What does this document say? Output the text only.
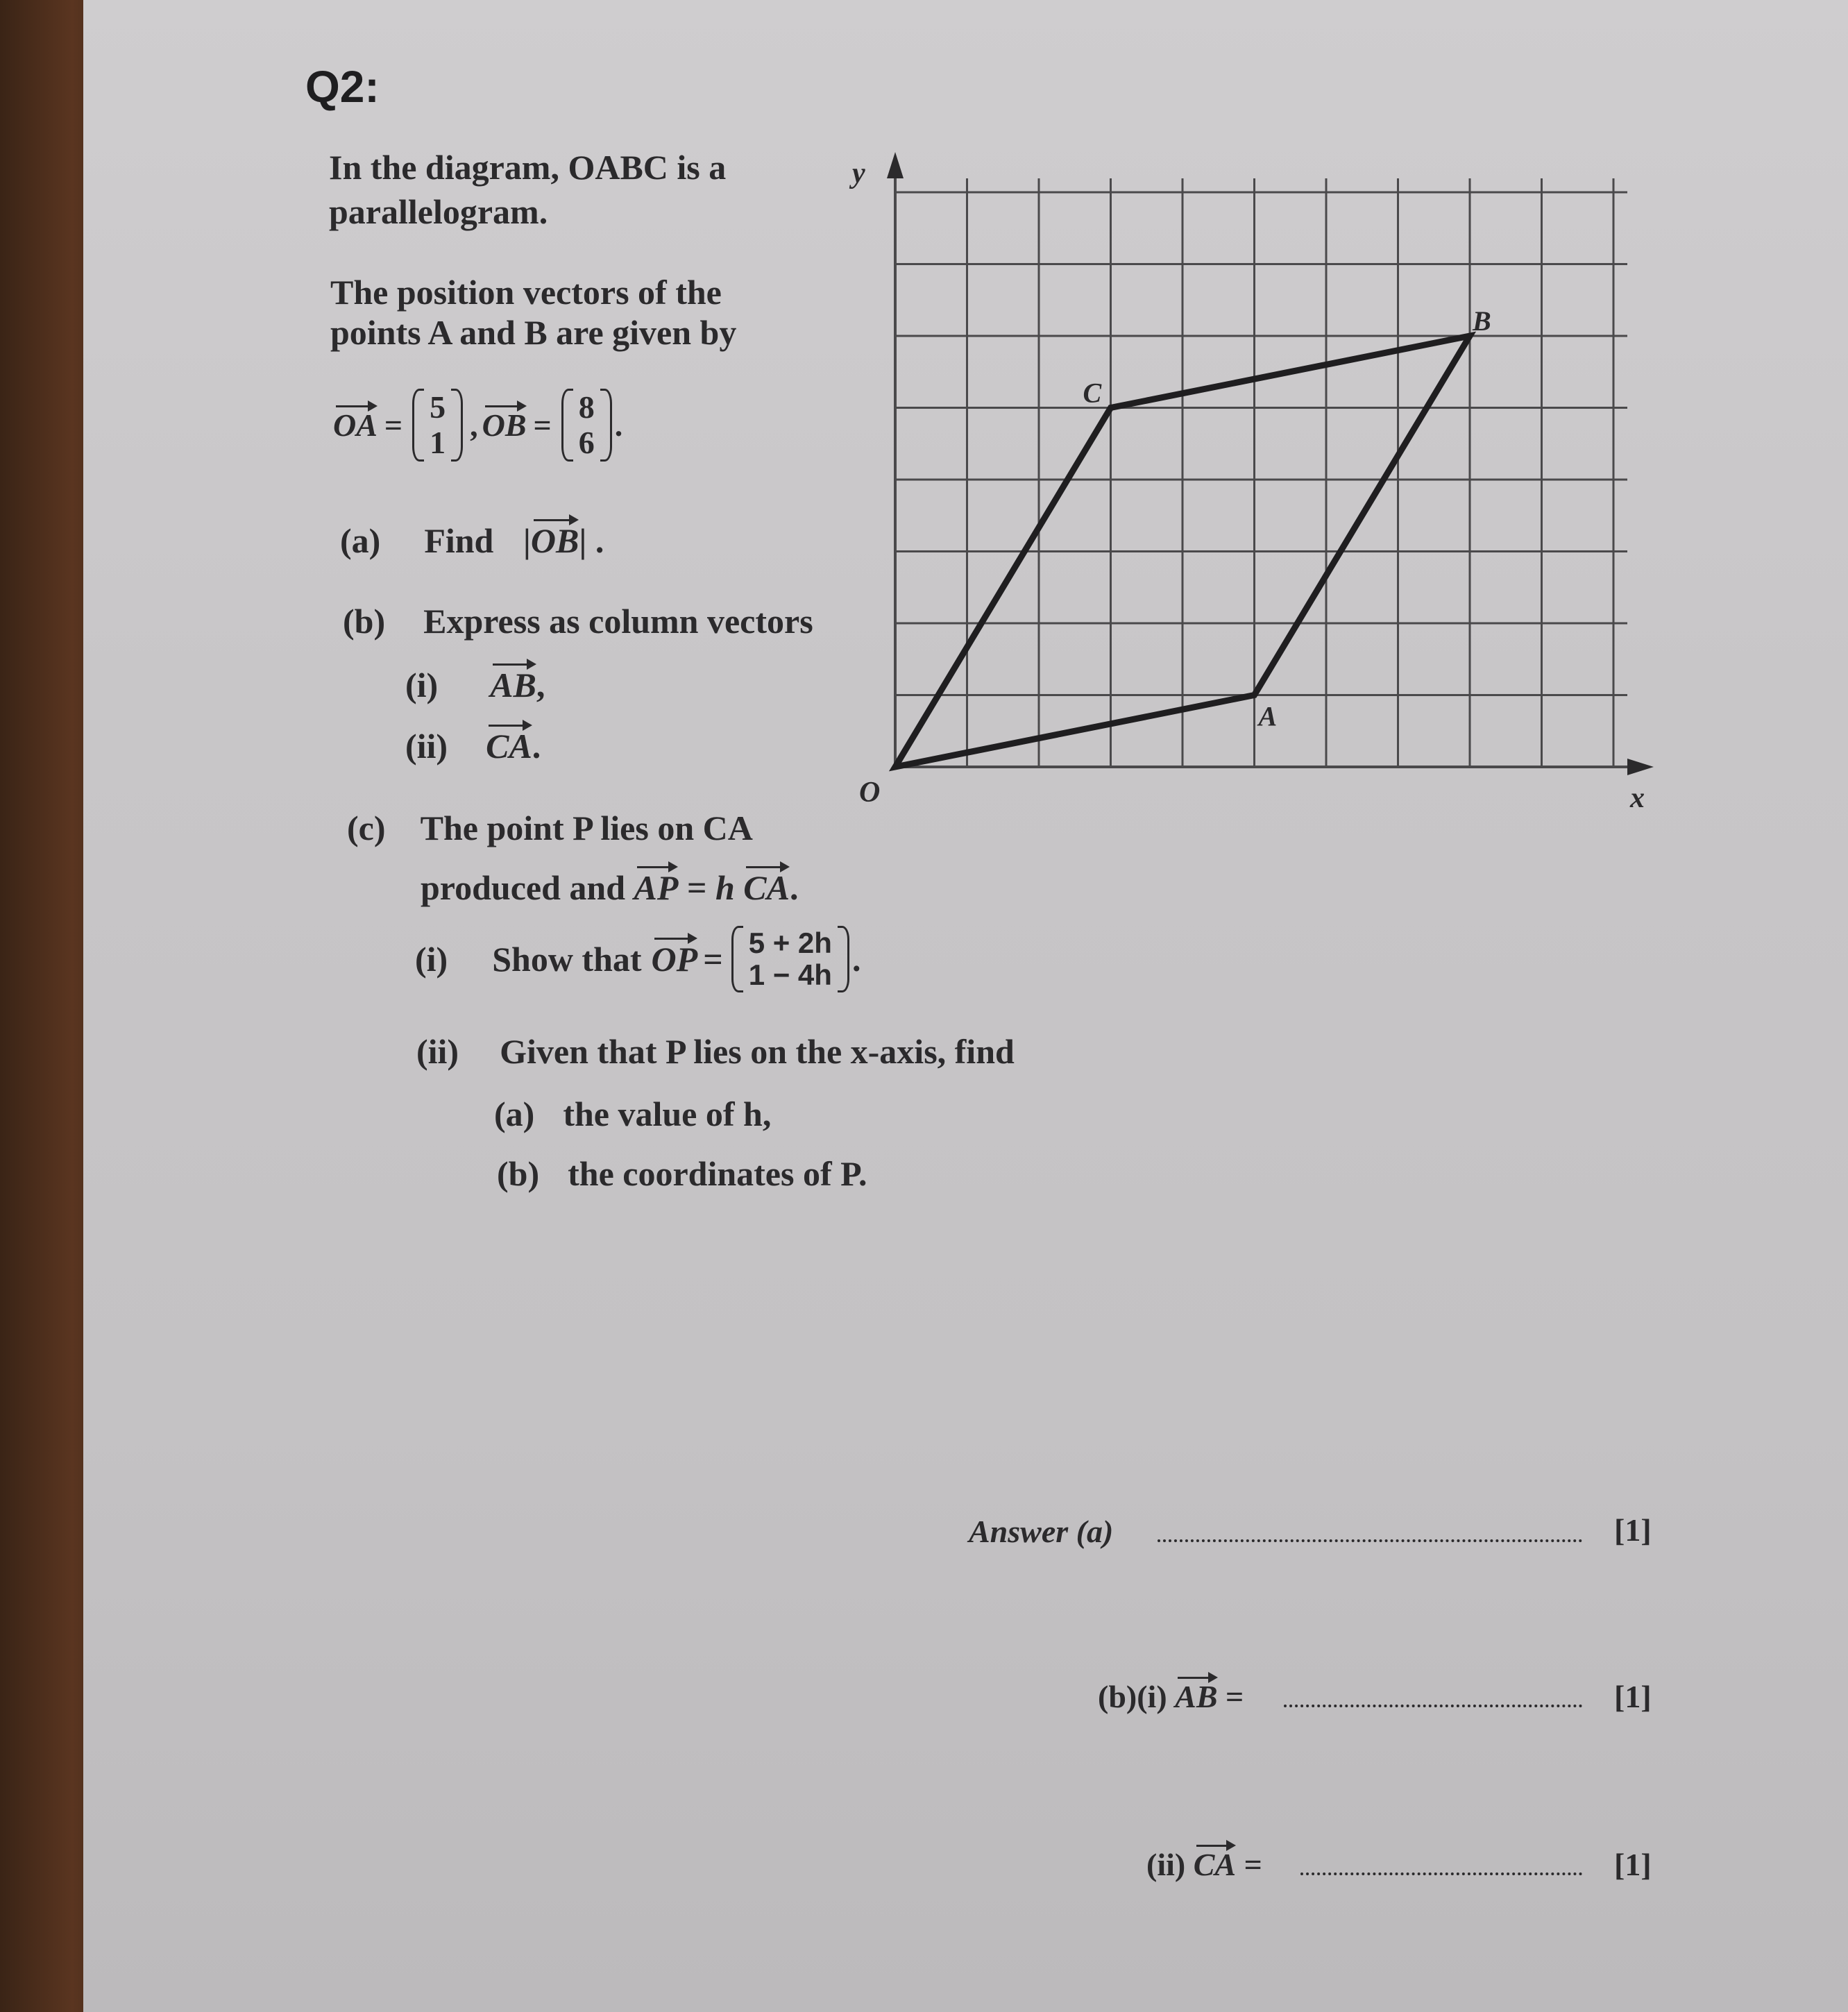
Q2:
In the diagram, OABC is a
parallelogram.
The position vectors of the
points A and B are given by
OA =
5
1 , OB =
8
6 .
(a) Find |OB| .
(b) Express as column vectors
(i) AB,
(ii) CA.
(c) The point P lies on CA
produced and AP = h CA.
(i) Show that OP = 5 + 2h
1 − 4h .
(ii) Given that P lies on the x-axis, find
(a) the value of h,
(b) the coordinates of P.
y
x
O
A
B
C
Answer (a)	[1]
(b)(i) AB =	[1]
(ii) CA =	[1]
